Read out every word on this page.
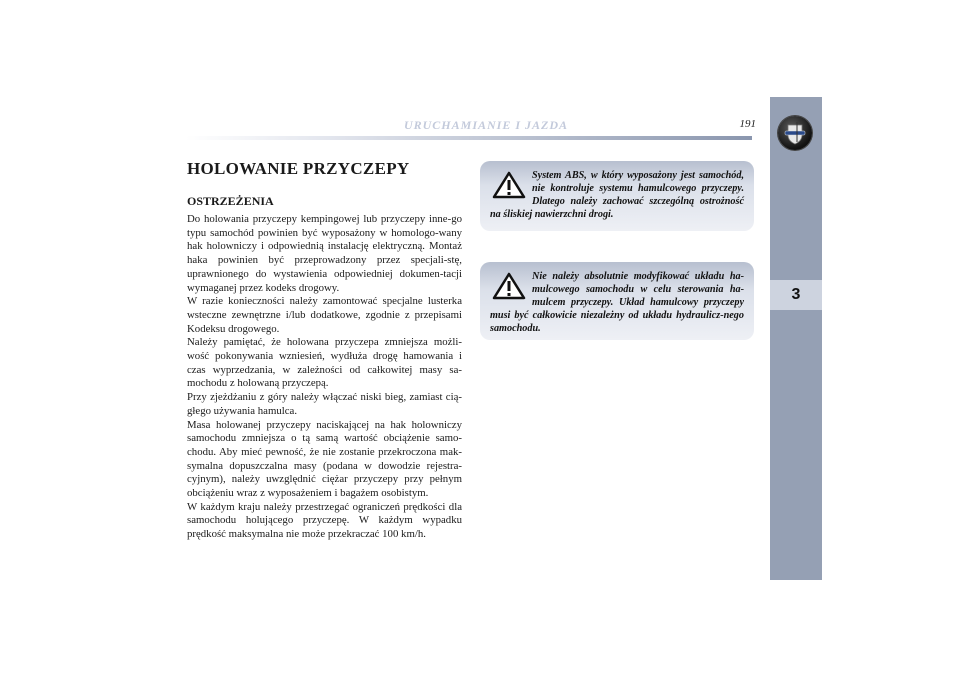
URUCHAMIANIE I JAZDA	191
3
HOLOWANIE PRZYCZEPY
OSTRZEŻENIA

Do holowania przyczepy kempingowej lub przyczepy inne-go typu samochód powinien być wyposażony w homologo-wany hak holowniczy i odpowiednią instalację elektryczną. Montaż haka powinien być przeprowadzony przez specjali-stę, uprawnionego do wystawienia odpowiedniej dokumen-tacji wymaganej przez kodeks drogowy.

W razie konieczności należy zamontować specjalne lusterka wsteczne zewnętrzne i/lub dodatkowe, zgodnie z przepisami Kodeksu drogowego.

Należy pamiętać, że holowana przyczepa zmniejsza możli-wość pokonywania wzniesień, wydłuża drogę hamowania i czas wyprzedzania, w zależności od całkowitej masy sa-mochodu z holowaną przyczepą.

Przy zjeżdżaniu z góry należy włączać niski bieg, zamiast cią-głego używania hamulca.

Masa holowanej przyczepy naciskającej na hak holowniczy samochodu zmniejsza o tą samą wartość obciążenie samo-chodu. Aby mieć pewność, że nie zostanie przekroczona mak-symalna dopuszczalna masy (podana w dowodzie rejestra-cyjnym), należy uwzględnić ciężar przyczepy przy pełnym obciążeniu wraz z wyposażeniem i bagażem osobistym.

W każdym kraju należy przestrzegać ograniczeń prędkości dla samochodu holującego przyczepę. W każdym wypadku prędkość maksymalna nie może przekraczać 100 km/h.

System ABS, w który wyposażony jest samochód, nie kontroluje systemu hamulcowego przyczepy. Dlatego należy zachować szczególną ostrożność na śliskiej nawierzchni drogi.
Nie należy absolutnie modyfikować układu ha-mulcowego samochodu w celu sterowania ha-mulcem przyczepy. Układ hamulcowy przyczepy musi być całkowicie niezależny od układu hydraulicz-nego samochodu.
